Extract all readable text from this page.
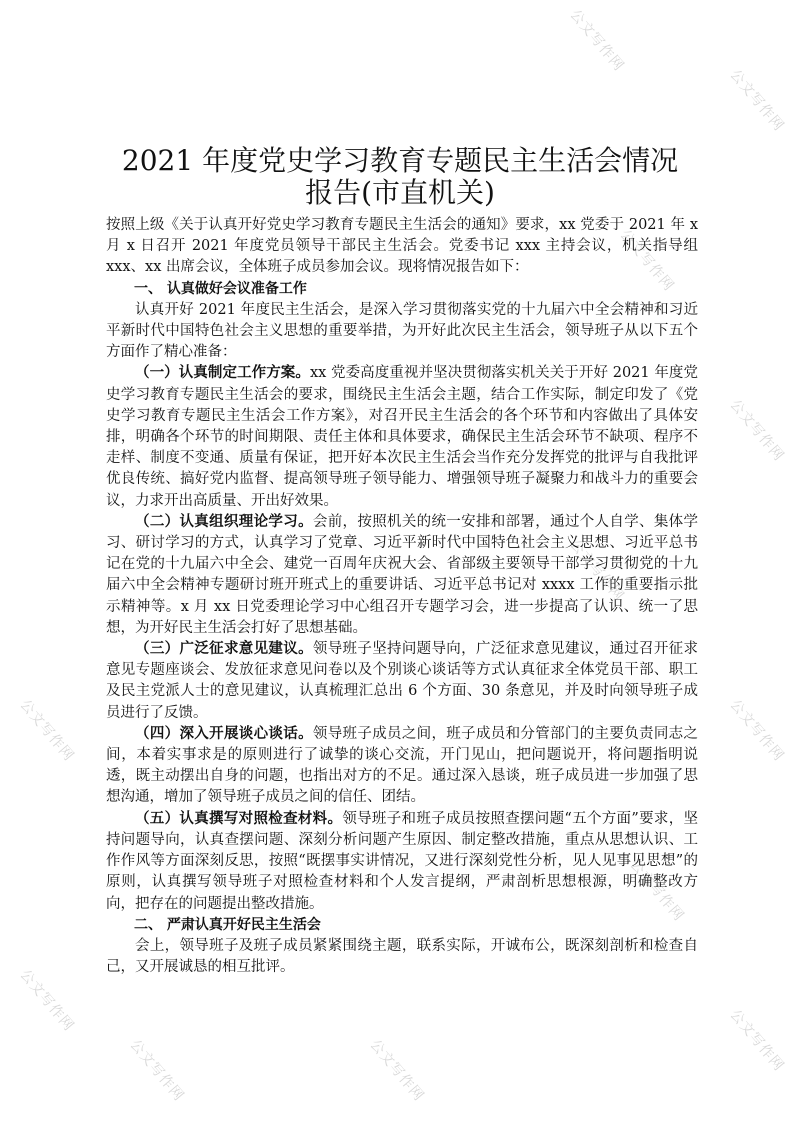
公文写作网
公文写作网
公文写作网
公文写作网
公文写作网
公文写作网
公文写作网
公文写作网
公文写作网
公文写作网
公文写作网	公文写作网
2021 年度党史学习教育专题民主生活会情况
报告(市直机关)

按照上级《关于认真开好党史学习教育专题民主生活会的通知》要求，xx 党委于 2021 年 x 月 x 日召开 2021 年度党员领导干部民主生活会。党委书记 xxx 主持会议，机关指导组 xxx、xx 出席会议，全体班子成员参加会议。现将情况报告如下：

一、 认真做好会议准备工作

认真开好 2021 年度民主生活会，是深入学习贯彻落实党的十九届六中全会精神和习近平新时代中国特色社会主义思想的重要举措，为开好此次民主生活会，领导班子从以下五个方面作了精心准备：

（一）认真制定工作方案。xx 党委高度重视并坚决贯彻落实机关关于开好 2021 年度党史学习教育专题民主生活会的要求，围绕民主生活会主题，结合工作实际，制定印发了《党史学习教育专题民主生活会工作方案》，对召开民主生活会的各个环节和内容做出了具体安排，明确各个环节的时间期限、责任主体和具体要求，确保民主生活会环节不缺项、程序不走样、制度不变通、质量有保证，把开好本次民主生活会当作充分发挥党的批评与自我批评优良传统、搞好党内监督、提高领导班子领导能力、增强领导班子凝聚力和战斗力的重要会议，力求开出高质量、开出好效果。

（二）认真组织理论学习。会前，按照机关的统一安排和部署，通过个人自学、集体学习、研讨学习的方式，认真学习了党章、习近平新时代中国特色社会主义思想、习近平总书记在党的十九届六中全会、建党一百周年庆祝大会、省部级主要领导干部学习贯彻党的十九届六中全会精神专题研讨班开班式上的重要讲话、习近平总书记对 xxxx 工作的重要指示批示精神等。x 月 xx 日党委理论学习中心组召开专题学习会，进一步提高了认识、统一了思想，为开好民主生活会打好了思想基础。

（三）广泛征求意见建议。领导班子坚持问题导向，广泛征求意见建议，通过召开征求意见专题座谈会、发放征求意见问卷以及个别谈心谈话等方式认真征求全体党员干部、职工及民主党派人士的意见建议，认真梳理汇总出 6 个方面、30 条意见，并及时向领导班子成员进行了反馈。

（四）深入开展谈心谈话。领导班子成员之间，班子成员和分管部门的主要负责同志之间，本着实事求是的原则进行了诚挚的谈心交流，开门见山，把问题说开，将问题指明说透，既主动摆出自身的问题，也指出对方的不足。通过深入恳谈，班子成员进一步加强了思想沟通，增加了领导班子成员之间的信任、团结。

（五）认真撰写对照检查材料。领导班子和班子成员按照查摆问题“五个方面”要求，坚持问题导向，认真查摆问题、深刻分析问题产生原因、制定整改措施，重点从思想认识、工作作风等方面深刻反思，按照“既摆事实讲情况，又进行深刻党性分析，见人见事见思想”的原则，认真撰写领导班子对照检查材料和个人发言提纲，严肃剖析思想根源，明确整改方向，把存在的问题提出整改措施。

二、 严肃认真开好民主生活会

会上，领导班子及班子成员紧紧围绕主题，联系实际，开诚布公，既深刻剖析和检查自己，又开展诚恳的相互批评。
